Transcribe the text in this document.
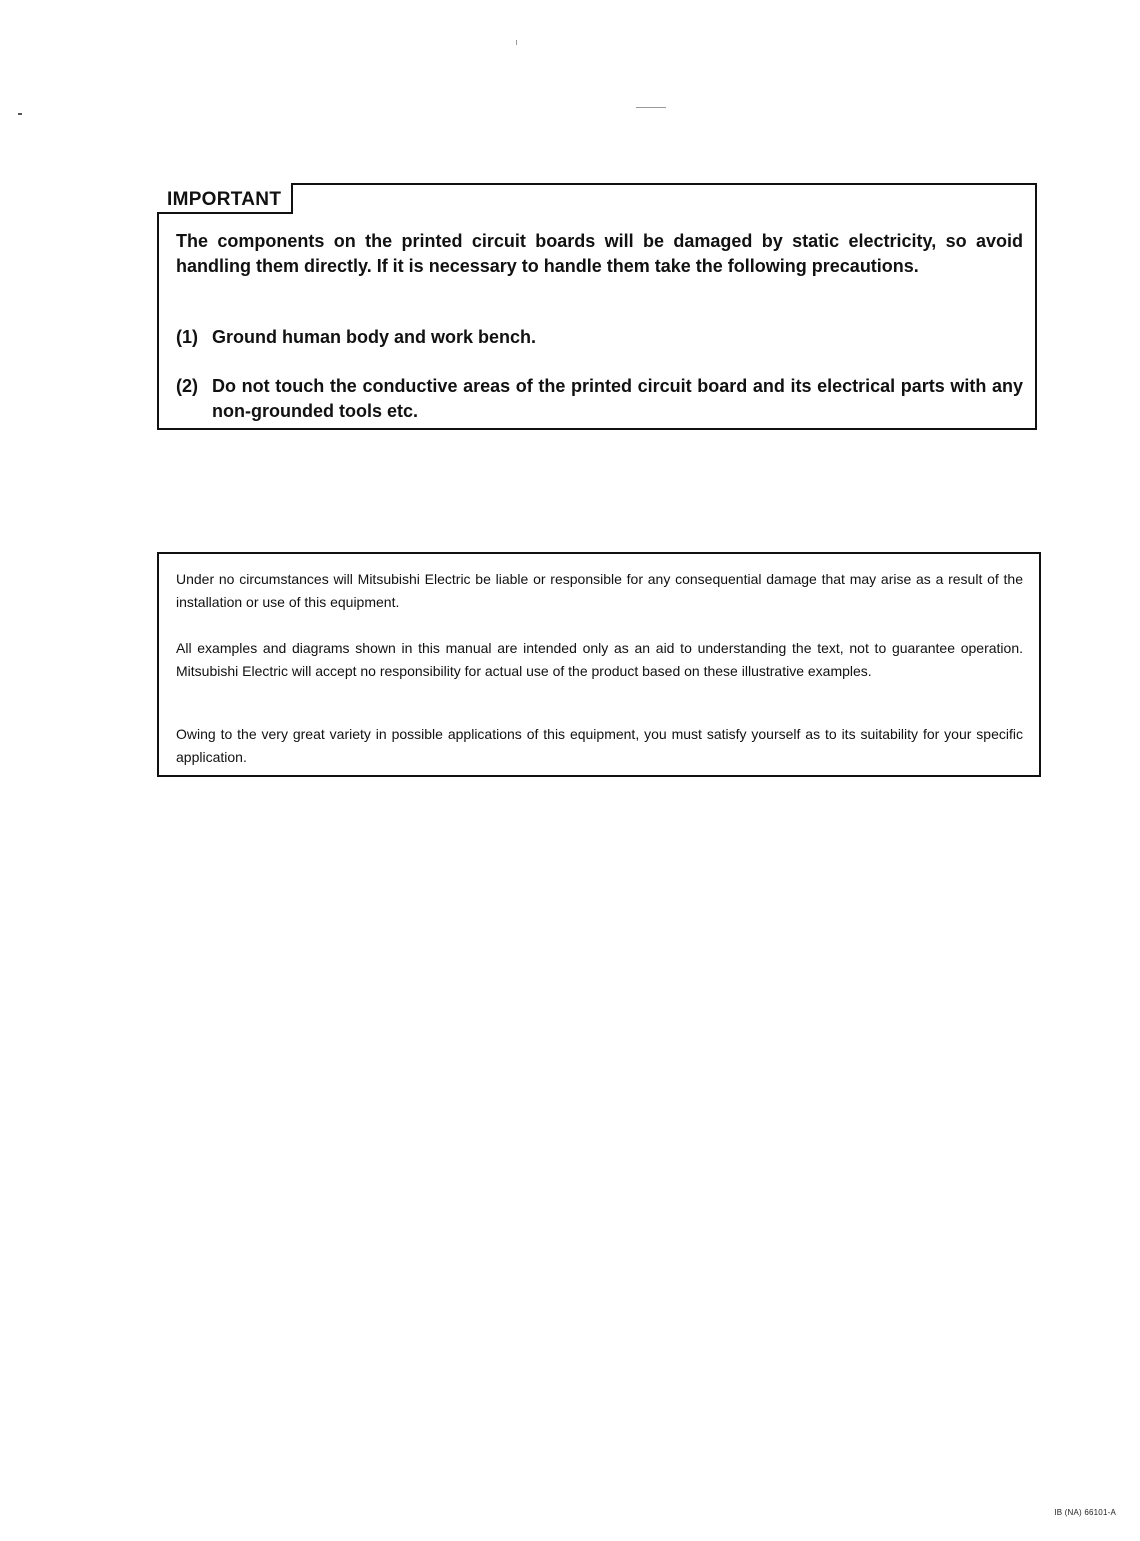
IMPORTANT

The components on the printed circuit boards will be damaged by static electricity, so avoid handling them directly. If it is necessary to handle them take the following precautions.

(1) Ground human body and work bench.
(2) Do not touch the conductive areas of the printed circuit board and its electrical parts with any non-grounded tools etc.

Under no circumstances will Mitsubishi Electric be liable or responsible for any consequential damage that may arise as a result of the installation or use of this equipment.

All examples and diagrams shown in this manual are intended only as an aid to understanding the text, not to guarantee operation. Mitsubishi Electric will accept no responsibility for actual use of the product based on these illustrative examples.

Owing to the very great variety in possible applications of this equipment, you must satisfy yourself as to its suitability for your specific application.

IB (NA) 66101-A
